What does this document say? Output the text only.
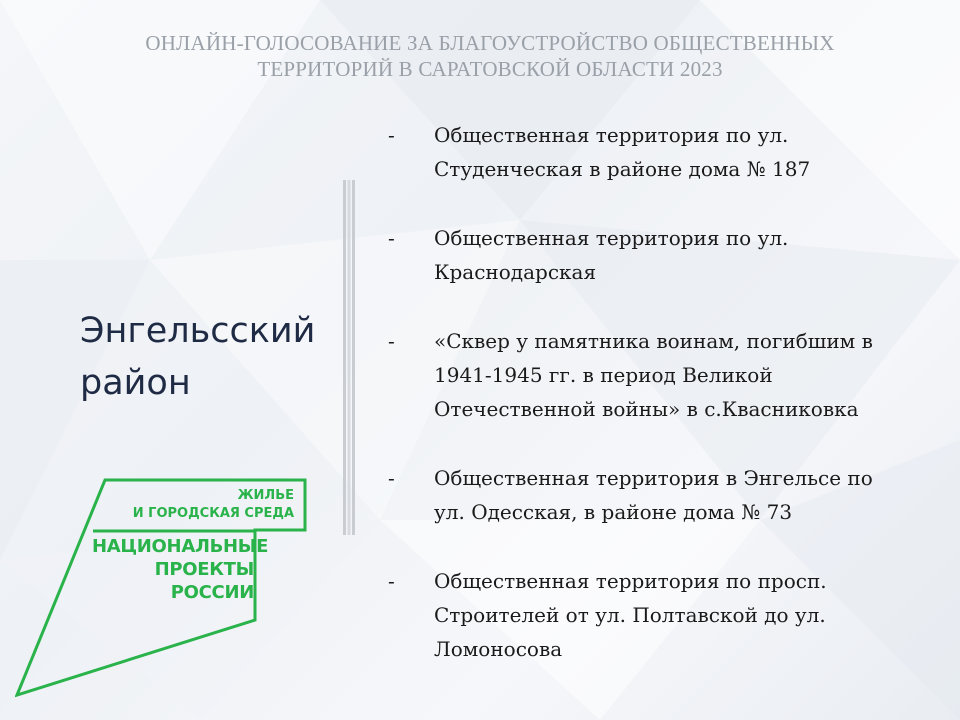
ОНЛАЙН-ГОЛОСОВАНИЕ ЗА БЛАГОУСТРОЙСТВО ОБЩЕСТВЕННЫХ
ТЕРРИТОРИЙ В САРАТОВСКОЙ ОБЛАСТИ 2023
Энгельсский
район
- Общественная территория по ул.
Студенческая в районе дома № 187
- Общественная территория по ул.
Краснодарская
- «Сквер у памятника воинам, погибшим в
1941-1945 гг. в период Великой
Отечественной войны» в с.Квасниковка
- Общественная территория в Энгельсе по
ул. Одесская, в районе дома № 73
- Общественная территория по просп.
Строителей от ул. Полтавской до ул.
Ломоносова
ЖИЛЬЕ
И ГОРОДСКАЯ СРЕДА
НАЦИОНАЛЬНЫЕ
ПРОЕКТЫ
РОССИИ
